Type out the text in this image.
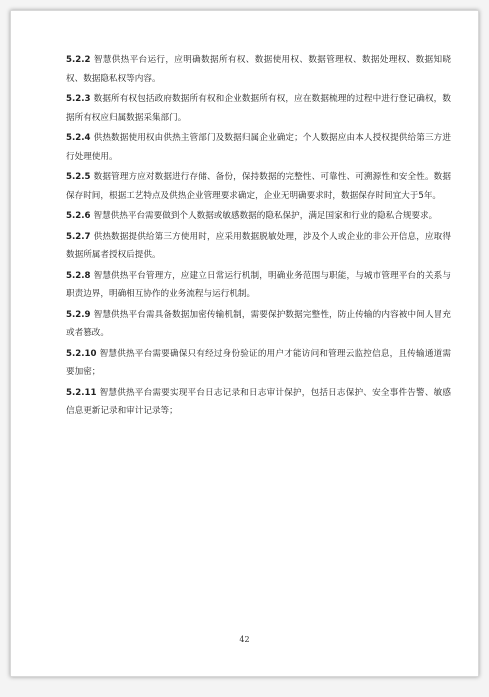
5.2.2 智慧供热平台运行，应明确数据所有权、数据使用权、数据管理权、数据处理权、数据知晓权、数据隐私权等内容。

5.2.3 数据所有权包括政府数据所有权和企业数据所有权，应在数据梳理的过程中进行登记确权，数据所有权应归属数据采集部门。

5.2.4 供热数据使用权由供热主管部门及数据归属企业确定；个人数据应由本人授权提供给第三方进行处理使用。

5.2.5 数据管理方应对数据进行存储、备份，保持数据的完整性、可靠性、可溯源性和安全性。数据保存时间，根据工艺特点及供热企业管理要求确定，企业无明确要求时，数据保存时间宜大于5年。

5.2.6 智慧供热平台需要做到个人数据或敏感数据的隐私保护，满足国家和行业的隐私合规要求。

5.2.7 供热数据提供给第三方使用时，应采用数据脱敏处理，涉及个人或企业的非公开信息，应取得数据所属者授权后提供。

5.2.8 智慧供热平台管理方，应建立日常运行机制，明确业务范围与职能，与城市管理平台的关系与职责边界，明确相互协作的业务流程与运行机制。

5.2.9 智慧供热平台需具备数据加密传输机制，需要保护数据完整性，防止传输的内容被中间人冒充或者篡改。

5.2.10 智慧供热平台需要确保只有经过身份验证的用户才能访问和管理云监控信息，且传输通道需要加密；

5.2.11 智慧供热平台需要实现平台日志记录和日志审计保护，包括日志保护、安全事件告警、敏感信息更新记录和审计记录等；

42
